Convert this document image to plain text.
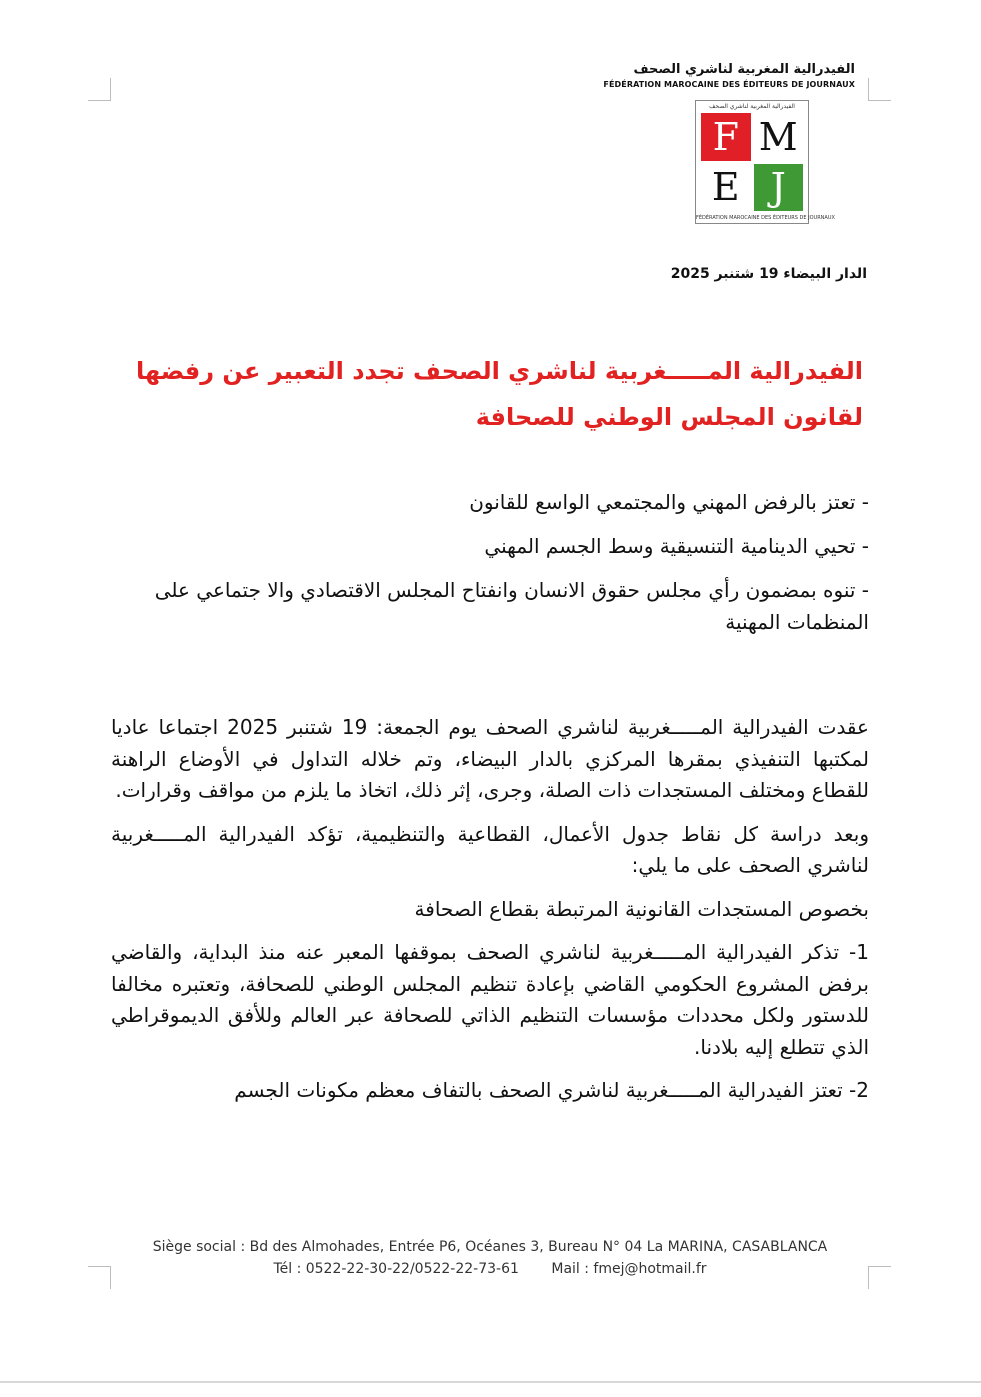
الفيدرالية المغربية لناشري الصحف
FÉDÉRATION MAROCAINE DES ÉDITEURS DE JOURNAUX
الفيدرالية المغربية لناشري الصحف
F M
E J
FÉDÉRATION MAROCAINE DES ÉDITEURS DE JOURNAUX
الدار البيضاء 19 شتنبر 2025
الفيدرالية المـــــغربية لناشري الصحف تجدد التعبير عن رفضها لقانون المجلس الوطني للصحافة
- تعتز بالرفض المهني والمجتمعي الواسع للقانون
- تحيي الدينامية التنسيقية وسط الجسم المهني
- تنوه بمضمون رأي مجلس حقوق الانسان وانفتاح المجلس الاقتصادي والا جتماعي على المنظمات المهنية

عقدت الفيدرالية المـــــغربية لناشري الصحف يوم الجمعة: 19 شتنبر 2025 اجتماعا عاديا لمكتبها التنفيذي بمقرها المركزي بالدار البيضاء، وتم خلاله التداول في الأوضاع الراهنة للقطاع ومختلف المستجدات ذات الصلة، وجرى، إثر ذلك، اتخاذ ما يلزم من مواقف وقرارات.

وبعد دراسة كل نقاط جدول الأعمال، القطاعية والتنظيمية، تؤكد الفيدرالية المـــــغربية لناشري الصحف على ما يلي:

بخصوص المستجدات القانونية المرتبطة بقطاع الصحافة

1- تذكر الفيدرالية المـــــغربية لناشري الصحف بموقفها المعبر عنه منذ البداية، والقاضي برفض المشروع الحكومي القاضي بإعادة تنظيم المجلس الوطني للصحافة، وتعتبره مخالفا للدستور ولكل محددات مؤسسات التنظيم الذاتي للصحافة عبر العالم وللأفق الديموقراطي الذي تتطلع إليه بلادنا.

2- تعتز الفيدرالية المـــــغربية لناشري الصحف بالتفاف معظم مكونات الجسم

Siège social : Bd des Almohades, Entrée P6, Océanes 3, Bureau N° 04 La MARINA, CASABLANCA
Tél : 0522-22-30-22/0522-22-73-61 Mail : fmej@hotmail.fr
